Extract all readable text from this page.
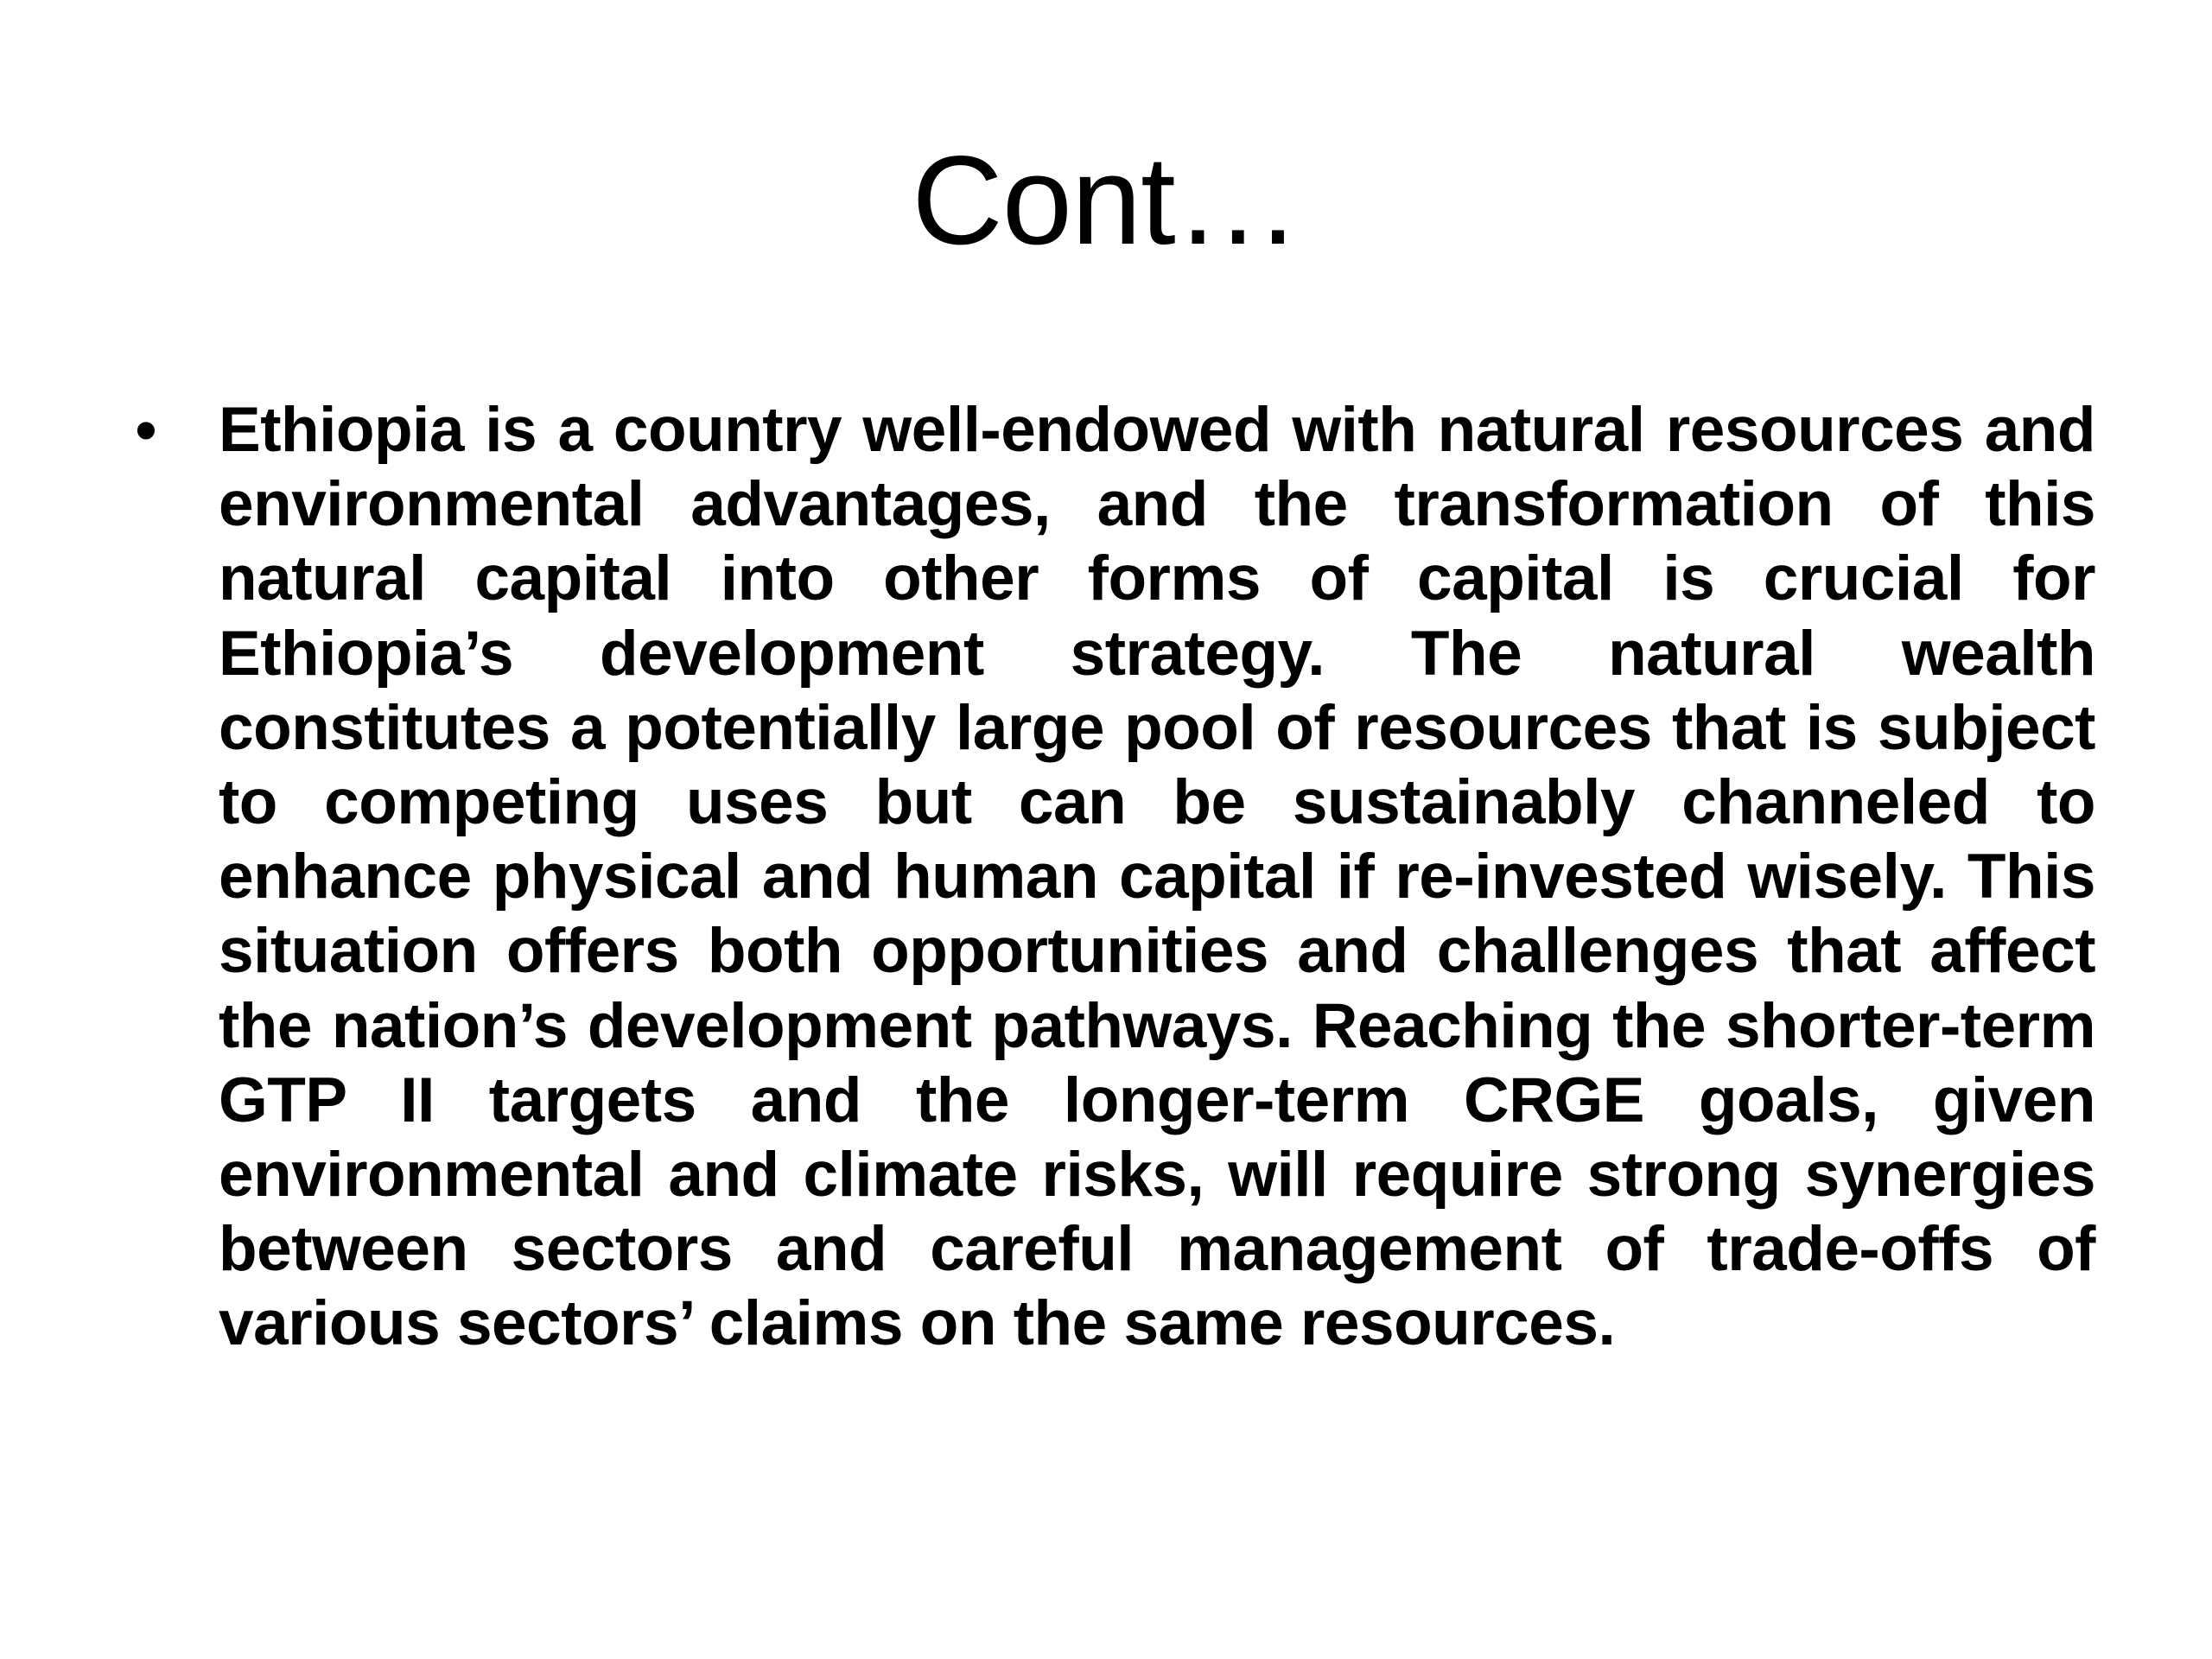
Cont…
• Ethiopia is a country well-endowed with natural resources and environmental advantages, and the transformation of this natural capital into other forms of capital is crucial for Ethiopia’s development strategy. The natural wealth constitutes a potentially large pool of resources that is subject to competing uses but can be sustainably channeled to enhance physical and human capital if re-invested wisely. This situation offers both opportunities and challenges that affect the nation’s development pathways. Reaching the shorter-term GTP II targets and the longer-term CRGE goals, given environmental and climate risks, will require strong synergies between sectors and careful management of trade-offs of various sectors’ claims on the same resources.
